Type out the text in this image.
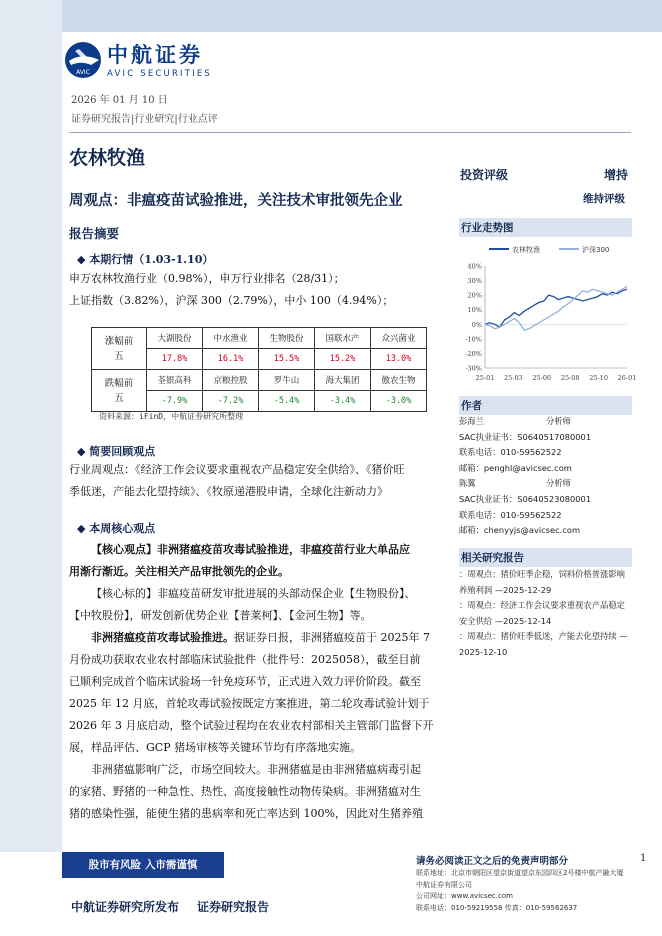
AVIC
中航证券
AVIC SECURITIES
2026 年 01 月 10 日
证券研究报告|行业研究|行业点评
农林牧渔
周观点：非瘟疫苗试验推进，关注技术审批领先企业
投资评级	增持
维持评级
报告摘要
◆ 本期行情（1.03-1.10）

申万农林牧渔行业（0.98%），申万行业排名（28/31）；

上证指数（3.82%），沪深 300（2.79%），中小 100（4.94%）；

涨幅前
五	大湖股份	中水渔业	生物股份	国联水产	众兴菌业
	17.8%	16.1%	15.5%	15.2%	13.0%
跌幅前
五	荃银高科	京粮控股	罗牛山	海大集团	傲农生物
	-7.9%	-7.2%	-5.4%	-3.4%	-3.0%
资料来源：iFinD，中航证券研究所整理
◆ 简要回顾观点

行业周观点：《经济工作会议要求重视农产品稳定安全供给》、《猪价旺

季低迷，产能去化望持续》、《牧原递港股申请，全球化注新动力》

◆ 本周核心观点

【核心观点】非洲猪瘟疫苗攻毒试验推进，非瘟疫苗行业大单品应

用渐行渐近。关注相关产品审批领先的企业。

【核心标的】非瘟疫苗研发审批进展的头部动保企业【生物股份】、

【中牧股份】，研发创新优势企业【普莱柯】、【金河生物】等。

非洲猪瘟疫苗攻毒试验推进。据证券日报，非洲猪瘟疫苗于 2025年 7

月份成功获取农业农村部临床试验批件（批件号：2025058），截至目前

已顺利完成首个临床试验场一针免疫环节，正式进入效力评价阶段。截至

2025 年 12 月底，首轮攻毒试验按既定方案推进，第二轮攻毒试验计划于

2026 年 3 月底启动，整个试验过程均在农业农村部相关主管部门监督下开

展，样品评估、GCP 猪场审核等关键环节均有序落地实施。

非洲猪瘟影响广泛，市场空间较大。非洲猪瘟是由非洲猪瘟病毒引起

的家猪、野猪的一种急性、热性、高度接触性动物传染病。非洲猪瘟对生

猪的感染性强，能使生猪的患病率和死亡率达到 100%，因此对生猪养殖

行业走势图
农林牧渔	沪深300
40%
30%
20%
10%
0%
-10%
-20%
-30%
25-01 25-03 25-06 25-08 25-10 26-01
作者
彭海兰	分析师
SAC执业证书：S0640517080001
联系电话：010-59562522
邮箱：penghl@avicsec.com
陈翼	分析师
SAC执业证书：S0640523080001
联系电话：010-59562522
邮箱：chenyyjs@avicsec.com
相关研究报告
：周观点：猪价旺季企稳，饲料价格普涨影响
养殖利润 —2025-12-29
：周观点：经济工作会议要求重视农产品稳定
安全供给 —2025-12-14
：周观点：猪价旺季低迷，产能去化望持续 —
2025-12-10
股市有风险 入市需谨慎
中航证券研究所发布 证券研究报告
请务必阅读正文之后的免责声明部分	1
联系地址：北京市朝阳区望京街道望京东园四区2号楼中航产融大厦
中航证券有限公司
公司网址：www.avicsec.com
联系电话：010-59219558 传真：010-59562637
